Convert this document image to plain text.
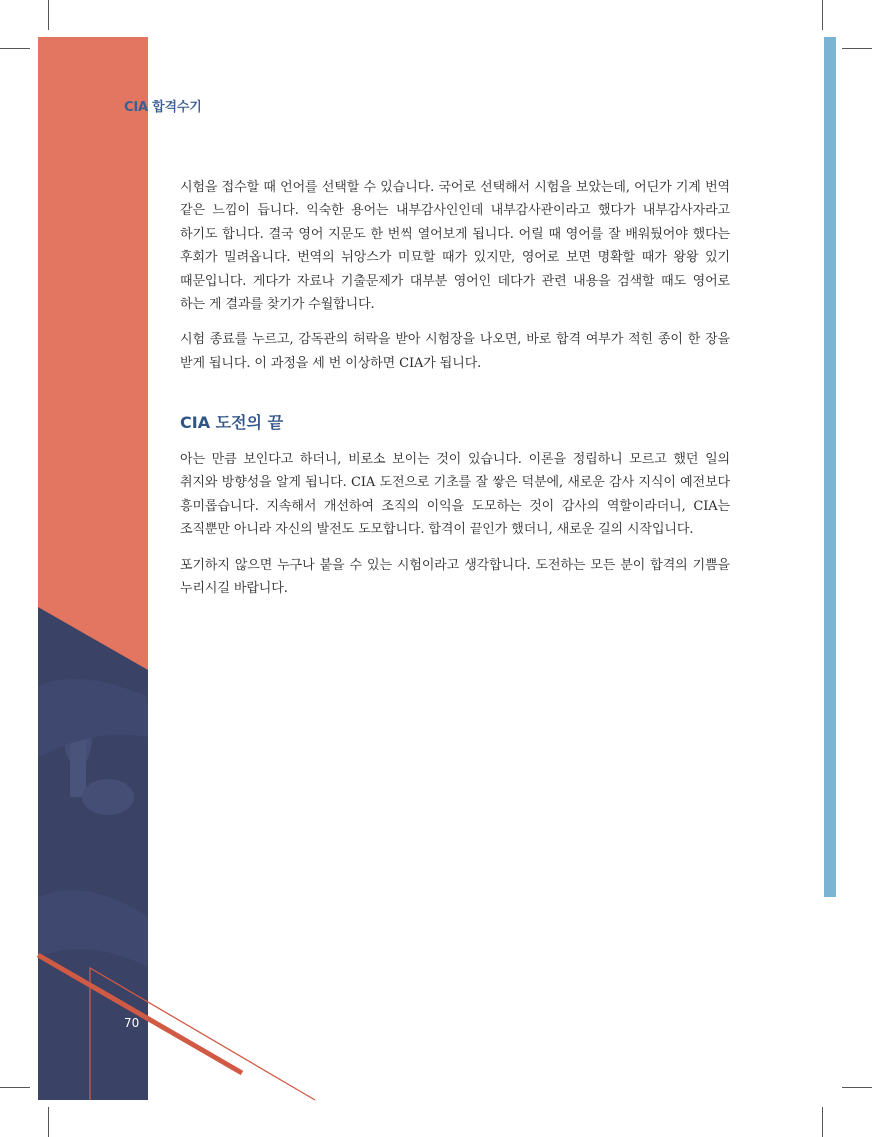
CIA 합격수기

시험을 접수할 때 언어를 선택할 수 있습니다. 국어로 선택해서 시험을 보았는데, 어딘가 기계 번역 같은 느낌이 듭니다. 익숙한 용어는 내부감사인인데 내부감사관이라고 했다가 내부감사자라고 하기도 합니다. 결국 영어 지문도 한 번씩 열어보게 됩니다. 어릴 때 영어를 잘 배워뒀어야 했다는 후회가 밀려옵니다. 번역의 뉘앙스가 미묘할 때가 있지만, 영어로 보면 명확할 때가 왕왕 있기 때문입니다. 게다가 자료나 기출문제가 대부분 영어인 데다가 관련 내용을 검색할 때도 영어로 하는 게 결과를 찾기가 수월합니다.

시험 종료를 누르고, 감독관의 허락을 받아 시험장을 나오면, 바로 합격 여부가 적힌 종이 한 장을 받게 됩니다. 이 과정을 세 번 이상하면 CIA가 됩니다.

CIA 도전의 끝

아는 만큼 보인다고 하더니, 비로소 보이는 것이 있습니다. 이론을 정립하니 모르고 했던 일의 취지와 방향성을 알게 됩니다. CIA 도전으로 기초를 잘 쌓은 덕분에, 새로운 감사 지식이 예전보다 흥미롭습니다. 지속해서 개선하여 조직의 이익을 도모하는 것이 감사의 역할이라더니, CIA는 조직뿐만 아니라 자신의 발전도 도모합니다. 합격이 끝인가 했더니, 새로운 길의 시작입니다.

포기하지 않으면 누구나 붙을 수 있는 시험이라고 생각합니다. 도전하는 모든 분이 합격의 기쁨을 누리시길 바랍니다.

70
